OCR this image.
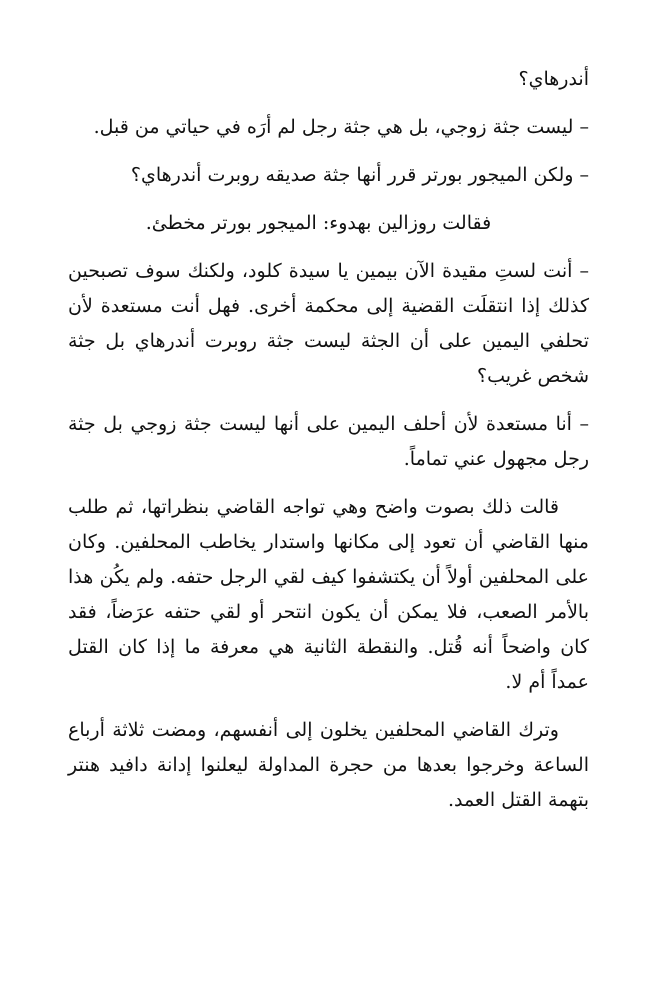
أندرهاي؟

– ليست جثة زوجي، بل هي جثة رجل لم أرَه في حياتي من قبل.

– ولكن الميجور بورتر قرر أنها جثة صديقه روبرت أندرهاي؟

فقالت روزالين بهدوء: الميجور بورتر مخطئ.

– أنت لستِ مقيدة الآن بيمين يا سيدة كلود، ولكنك سوف تصبحين كذلك إذا انتقلَت القضية إلى محكمة أخرى. فهل أنت مستعدة لأن تحلفي اليمين على أن الجثة ليست جثة روبرت أندرهاي بل جثة شخص غريب؟

– أنا مستعدة لأن أحلف اليمين على أنها ليست جثة زوجي بل جثة رجل مجهول عني تماماً.

قالت ذلك بصوت واضح وهي تواجه القاضي بنظراتها، ثم طلب منها القاضي أن تعود إلى مكانها واستدار يخاطب المحلفين. وكان على المحلفين أولاً أن يكتشفوا كيف لقي الرجل حتفه. ولم يكُن هذا بالأمر الصعب، فلا يمكن أن يكون انتحر أو لقي حتفه عرَضاً، فقد كان واضحاً أنه قُتل. والنقطة الثانية هي معرفة ما إذا كان القتل عمداً أم لا.

وترك القاضي المحلفين يخلون إلى أنفسهم، ومضت ثلاثة أرباع الساعة وخرجوا بعدها من حجرة المداولة ليعلنوا إدانة دافيد هنتر بتهمة القتل العمد.
